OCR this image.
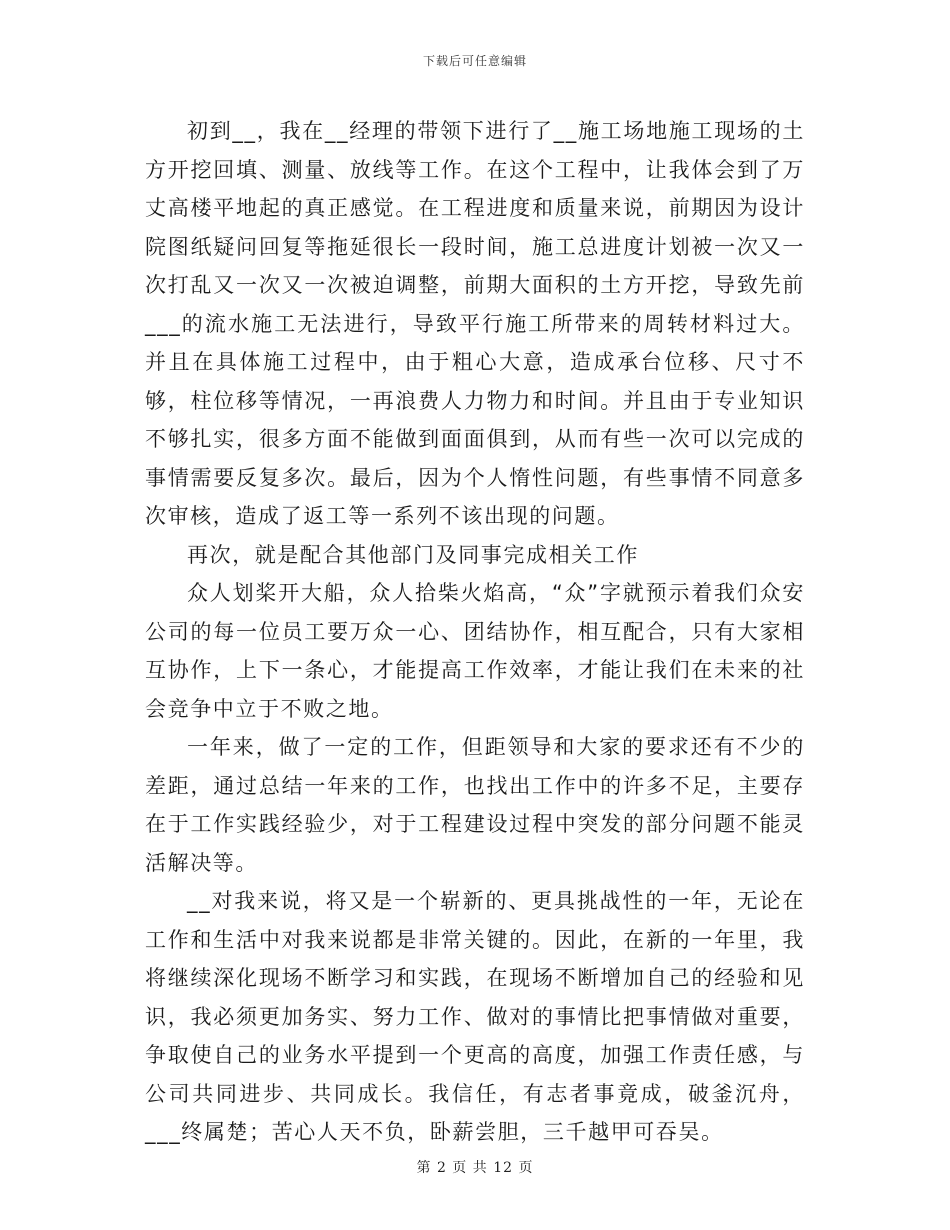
下载后可任意编辑

初到__，我在__经理的带领下进行了__施工场地施工现场的土方开挖回填、测量、放线等工作。在这个工程中，让我体会到了万丈高楼平地起的真正感觉。在工程进度和质量来说，前期因为设计院图纸疑问回复等拖延很长一段时间，施工总进度计划被一次又一次打乱又一次又一次被迫调整，前期大面积的土方开挖，导致先前___的流水施工无法进行，导致平行施工所带来的周转材料过大。并且在具体施工过程中，由于粗心大意，造成承台位移、尺寸不够，柱位移等情况，一再浪费人力物力和时间。并且由于专业知识不够扎实，很多方面不能做到面面俱到，从而有些一次可以完成的事情需要反复多次。最后，因为个人惰性问题，有些事情不同意多次审核，造成了返工等一系列不该出现的问题。

再次，就是配合其他部门及同事完成相关工作

众人划桨开大船，众人拾柴火焰高，“众”字就预示着我们众安公司的每一位员工要万众一心、团结协作，相互配合，只有大家相互协作，上下一条心，才能提高工作效率，才能让我们在未来的社会竞争中立于不败之地。

一年来，做了一定的工作，但距领导和大家的要求还有不少的差距，通过总结一年来的工作，也找出工作中的许多不足，主要存在于工作实践经验少，对于工程建设过程中突发的部分问题不能灵活解决等。

__对我来说，将又是一个崭新的、更具挑战性的一年，无论在工作和生活中对我来说都是非常关键的。因此，在新的一年里，我将继续深化现场不断学习和实践，在现场不断增加自己的经验和见识，我必须更加务实、努力工作、做对的事情比把事情做对重要，争取使自己的业务水平提到一个更高的高度，加强工作责任感，与公司共同进步、共同成长。我信任，有志者事竟成，破釜沉舟，___终属楚；苦心人天不负，卧薪尝胆，三千越甲可吞吴。

第 2 页 共 12 页
